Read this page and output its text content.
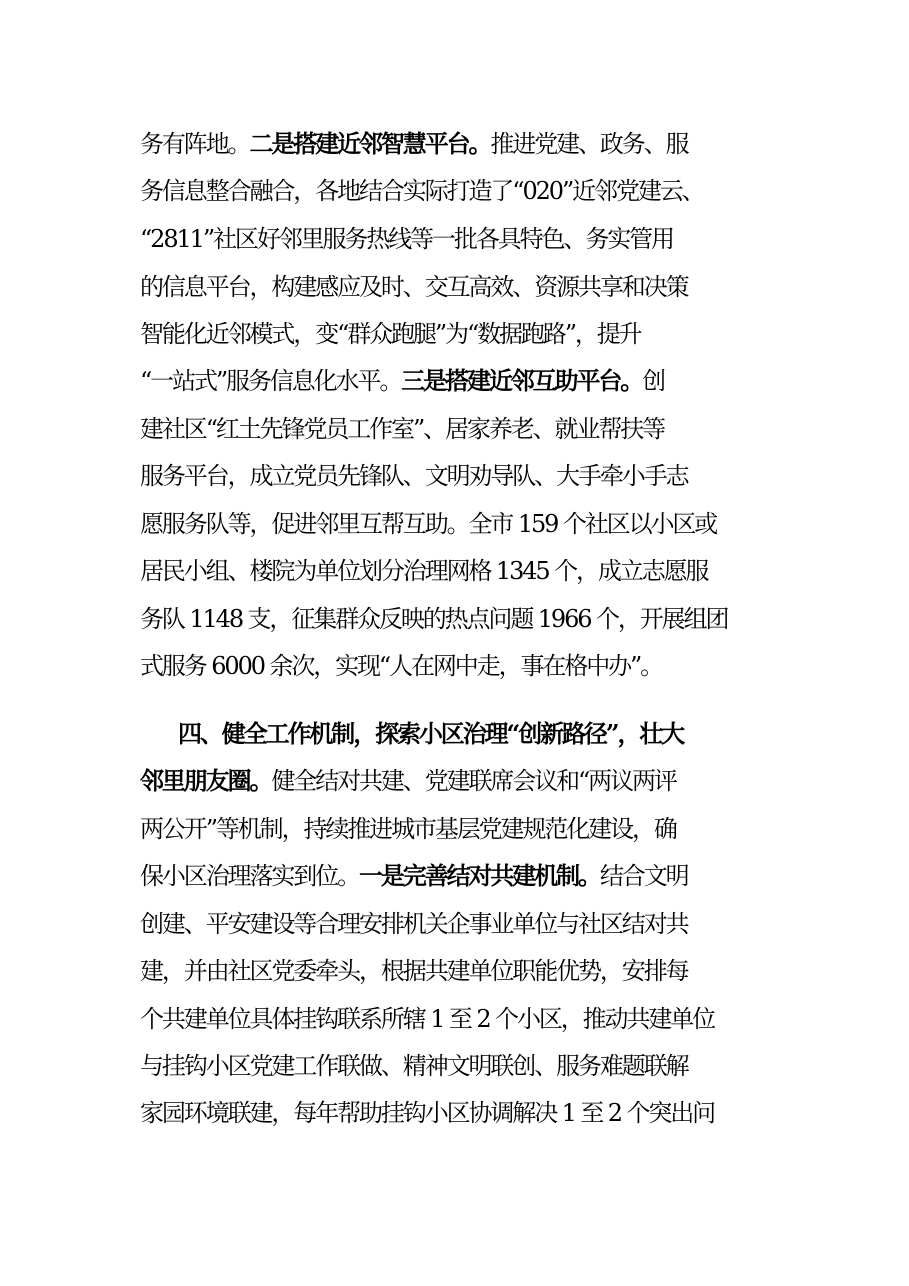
务有阵地。二是搭建近邻智慧平台。推进党建、政务、服
务信息整合融合，各地结合实际打造了“020”近邻党建云、
“2811”社区好邻里服务热线等一批各具特色、务实管用
的信息平台，构建感应及时、交互高效、资源共享和决策
智能化近邻模式，变“群众跑腿”为“数据跑路”，提升
“一站式”服务信息化水平。三是搭建近邻互助平台。创
建社区“红土先锋党员工作室”、居家养老、就业帮扶等
服务平台，成立党员先锋队、文明劝导队、大手牵小手志
愿服务队等，促进邻里互帮互助。全市 159 个社区以小区或
居民小组、楼院为单位划分治理网格 1345 个，成立志愿服
务队 1148 支，征集群众反映的热点问题 1966 个，开展组团
式服务 6000 余次，实现“人在网中走，事在格中办”。
四、健全工作机制，探索小区治理“创新路径”，壮大
邻里朋友圈。健全结对共建、党建联席会议和“两议两评
两公开”等机制，持续推进城市基层党建规范化建设，确
保小区治理落实到位。一是完善结对共建机制。结合文明
创建、平安建设等合理安排机关企事业单位与社区结对共
建，并由社区党委牵头，根据共建单位职能优势，安排每
个共建单位具体挂钩联系所辖 1 至 2 个小区，推动共建单位
与挂钩小区党建工作联做、精神文明联创、服务难题联解
家园环境联建，每年帮助挂钩小区协调解决 1 至 2 个突出问
